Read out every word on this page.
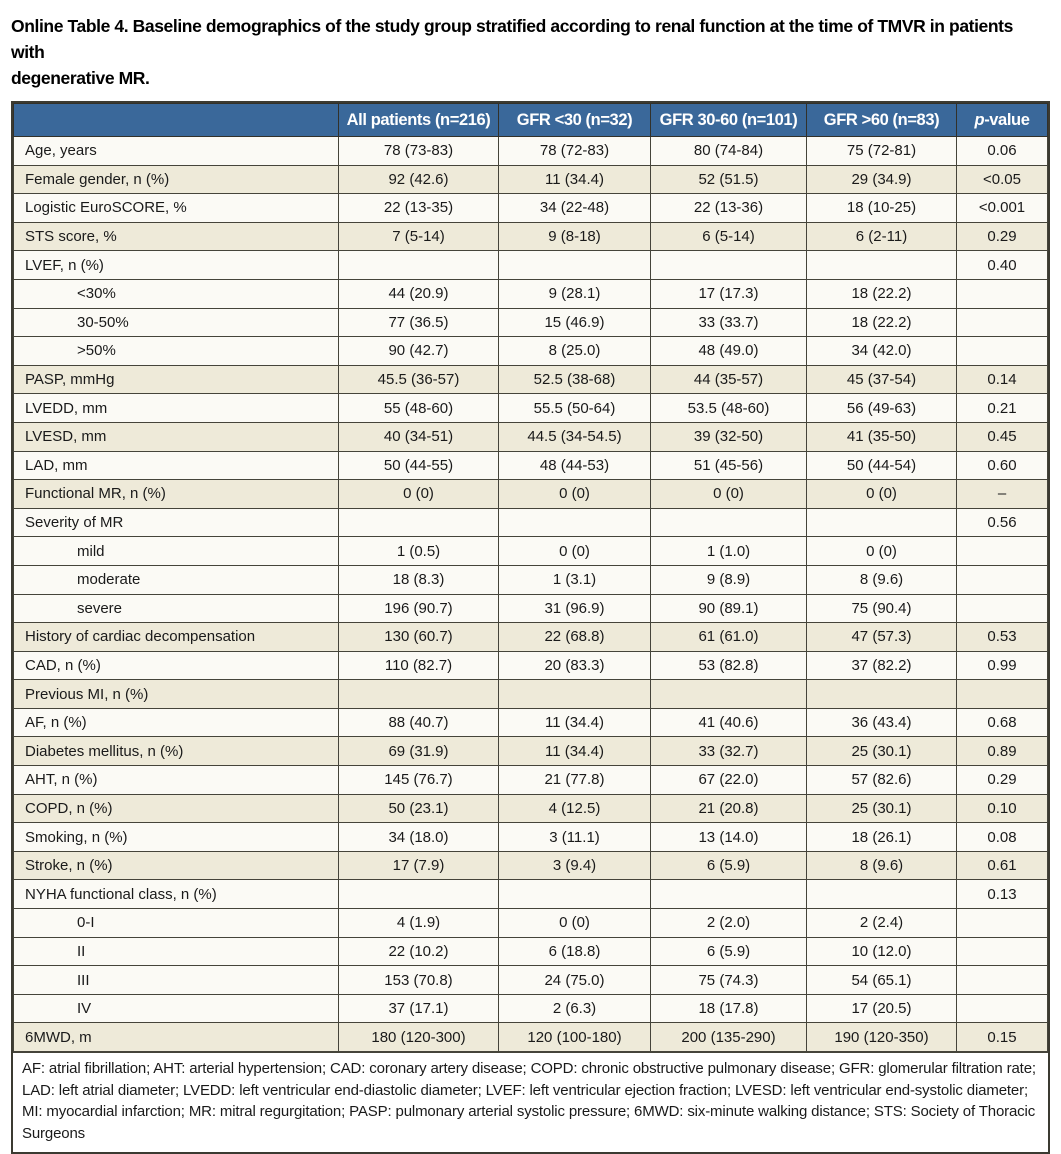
Online Table 4. Baseline demographics of the study group stratified according to renal function at the time of TMVR in patients with
degenerative MR.
	All patients (n=216)	GFR <30 (n=32)	GFR 30-60 (n=101)	GFR >60 (n=83)	p-value
Age, years	78 (73-83)	78 (72-83)	80 (74-84)	75 (72-81)	0.06
Female gender, n (%)	92 (42.6)	11 (34.4)	52 (51.5)	29 (34.9)	<0.05
Logistic EuroSCORE, %	22 (13-35)	34 (22-48)	22 (13-36)	18 (10-25)	<0.001
STS score, %	7 (5-14)	9 (8-18)	6 (5-14)	6 (2-11)	0.29
LVEF, n (%)					0.40
<30%	44 (20.9)	9 (28.1)	17 (17.3)	18 (22.2)	
30-50%	77 (36.5)	15 (46.9)	33 (33.7)	18 (22.2)	
>50%	90 (42.7)	8 (25.0)	48 (49.0)	34 (42.0)	
PASP, mmHg	45.5 (36-57)	52.5 (38-68)	44 (35-57)	45 (37-54)	0.14
LVEDD, mm	55 (48-60)	55.5 (50-64)	53.5 (48-60)	56 (49-63)	0.21
LVESD, mm	40 (34-51)	44.5 (34-54.5)	39 (32-50)	41 (35-50)	0.45
LAD, mm	50 (44-55)	48 (44-53)	51 (45-56)	50 (44-54)	0.60
Functional MR, n (%)	0 (0)	0 (0)	0 (0)	0 (0)	–
Severity of MR					0.56
mild	1 (0.5)	0 (0)	1 (1.0)	0 (0)	
moderate	18 (8.3)	1 (3.1)	9 (8.9)	8 (9.6)	
severe	196 (90.7)	31 (96.9)	90 (89.1)	75 (90.4)	
History of cardiac decompensation	130 (60.7)	22 (68.8)	61 (61.0)	47 (57.3)	0.53
CAD, n (%)	110 (82.7)	20 (83.3)	53 (82.8)	37 (82.2)	0.99
Previous MI, n (%)					
AF, n (%)	88 (40.7)	11 (34.4)	41 (40.6)	36 (43.4)	0.68
Diabetes mellitus, n (%)	69 (31.9)	11 (34.4)	33 (32.7)	25 (30.1)	0.89
AHT, n (%)	145 (76.7)	21 (77.8)	67 (22.0)	57 (82.6)	0.29
COPD, n (%)	50 (23.1)	4 (12.5)	21 (20.8)	25 (30.1)	0.10
Smoking, n (%)	34 (18.0)	3 (11.1)	13 (14.0)	18 (26.1)	0.08
Stroke, n (%)	17 (7.9)	3 (9.4)	6 (5.9)	8 (9.6)	0.61
NYHA functional class, n (%)					0.13
0-I	4 (1.9)	0 (0)	2 (2.0)	2 (2.4)	
II	22 (10.2)	6 (18.8)	6 (5.9)	10 (12.0)	
III	153 (70.8)	24 (75.0)	75 (74.3)	54 (65.1)	
IV	37 (17.1)	2 (6.3)	18 (17.8)	17 (20.5)	
6MWD, m	180 (120-300)	120 (100-180)	200 (135-290)	190 (120-350)	0.15
AF: atrial fibrillation; AHT: arterial hypertension; CAD: coronary artery disease; COPD: chronic obstructive pulmonary disease; GFR: glomerular filtration rate; LAD: left atrial diameter; LVEDD: left ventricular end-diastolic diameter; LVEF: left ventricular ejection fraction; LVESD: left ventricular end-systolic diameter; MI: myocardial infarction; MR: mitral regurgitation; PASP: pulmonary arterial systolic pressure; 6MWD: six-minute walking distance; STS: Society of Thoracic Surgeons
